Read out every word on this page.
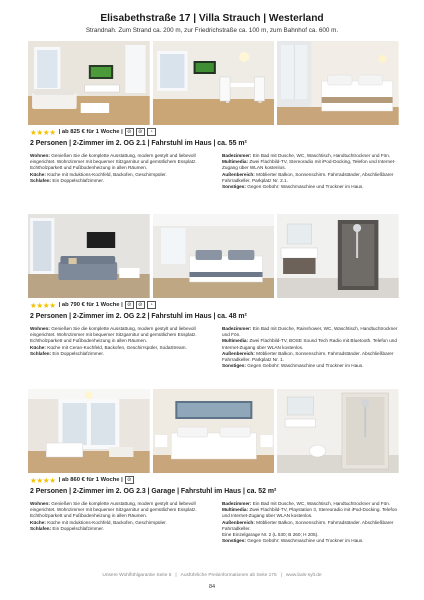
Elisabethstraße 17 | Villa Strauch | Westerland
Strandnah. Zum Strand ca. 200 m, zur Friedrichstraße ca. 100 m, zum Bahnhof ca. 600 m.
★★★★ | ab 825 € für 1 Woche | ⊘	⊘	◔
2 Personen | 2-Zimmer im 2. OG 2.1 | Fahrstuhl im Haus | ca. 55 m²

Wohnen: Genießen Sie die komplette Ausstattung, modern gestylt und liebevoll eingerichtet. Wohnzimmer mit bequemer Sitzgarnitur und gemütlichem Essplatz.

Echtholzparkett und Fußbodenheizung in allen Räumen.

Küche: Küche mit Induktions-Kochfeld, Backofen, Geschirrspüler.

Schlafen: Ein Doppelschlafzimmer.

Badezimmer: Ein Bad mit Dusche, WC, Waschtisch, Handtuchtrockner und Fön.

Multimedia: Zwei Flachbild-TV, Stereoradio mit iPod-Docking, Telefon und Internet-Zugang über WLAN kostenlos.

Außenbereich: Möblierter Balkon, Sonnenschirm. Fahrradständer, Abschließbarer Fahrradkeller. Parkplatz Nr. 2.1.

Sonstiges: Gegen Gebühr: Waschmaschine und Trockner im Haus.

★★★★ | ab 790 € für 1 Woche | ⊘	⊘	◔
2 Personen | 2-Zimmer im 2. OG 2.2 | Fahrstuhl im Haus | ca. 48 m²

Wohnen: Genießen Sie die komplette Ausstattung, modern gestylt und liebevoll eingerichtet. Wohnzimmer mit bequemer Sitzgarnitur und gemütlichem Essplatz.

Echtholzparkett und Fußbodenheizung in allen Räumen.

Küche: Küche mit Ceran-Kochfeld, Backofen, Geschirrspüler, SodaStream.

Schlafen: Ein Doppelschlafzimmer.

Badezimmer: Ein Bad mit Dusche, Rainshower, WC, Waschtisch, Handtuchtrockner und Fön.

Multimedia: Zwei Flachbild-TV, BOSE Sound Tech Radio mit Bluetooth. Telefon und Internet-Zugang über WLAN kostenlos.

Außenbereich: Möblierter Balkon, Sonnenschirm. Fahrradständer. Abschließbarer Fahrradkeller. Parkplatz Nr. 1.

Sonstiges: Gegen Gebühr: Waschmaschine und Trockner im Haus.

★★★★ | ab 860 € für 1 Woche | ⊘
2 Personen | 2-Zimmer im 2. OG 2.3 | Garage | Fahrstuhl im Haus | ca. 52 m²

Wohnen: Genießen Sie die komplette Ausstattung, modern gestylt und liebevoll eingerichtet. Wohnzimmer mit bequemer Sitzgarnitur und gemütlichem Essplatz.

Echtholzparkett und Fußbodenheizung in allen Räumen.

Küche: Küche mit Induktions-Kochfeld, Backofen, Geschirrspüler.

Schlafen: Ein Doppelschlafzimmer.

Badezimmer: Ein Bad mit Dusche, WC, Waschtisch, Handtuchtrockner und Fön.

Multimedia: Zwei Flachbild-TV, Playstation 3, Stereoradio mit iPod-Docking. Telefon und Internet-Zugang über WLAN kostenlos.

Außenbereich: Möblierter Balkon, Sonnenschirm. Fahrradständer. Abschließbarer Fahrradkeller.

Eine Einzelgarage Nr. 2 (L 530; B 260; H 205).

Sonstiges: Gegen Gebühr: Waschmaschine und Trockner im Haus.

Unsere Wohlfühlgarantie Seite 5 | Ausführliche Preisinformationen ab Seite 175 | www.bals-sylt.de
84
